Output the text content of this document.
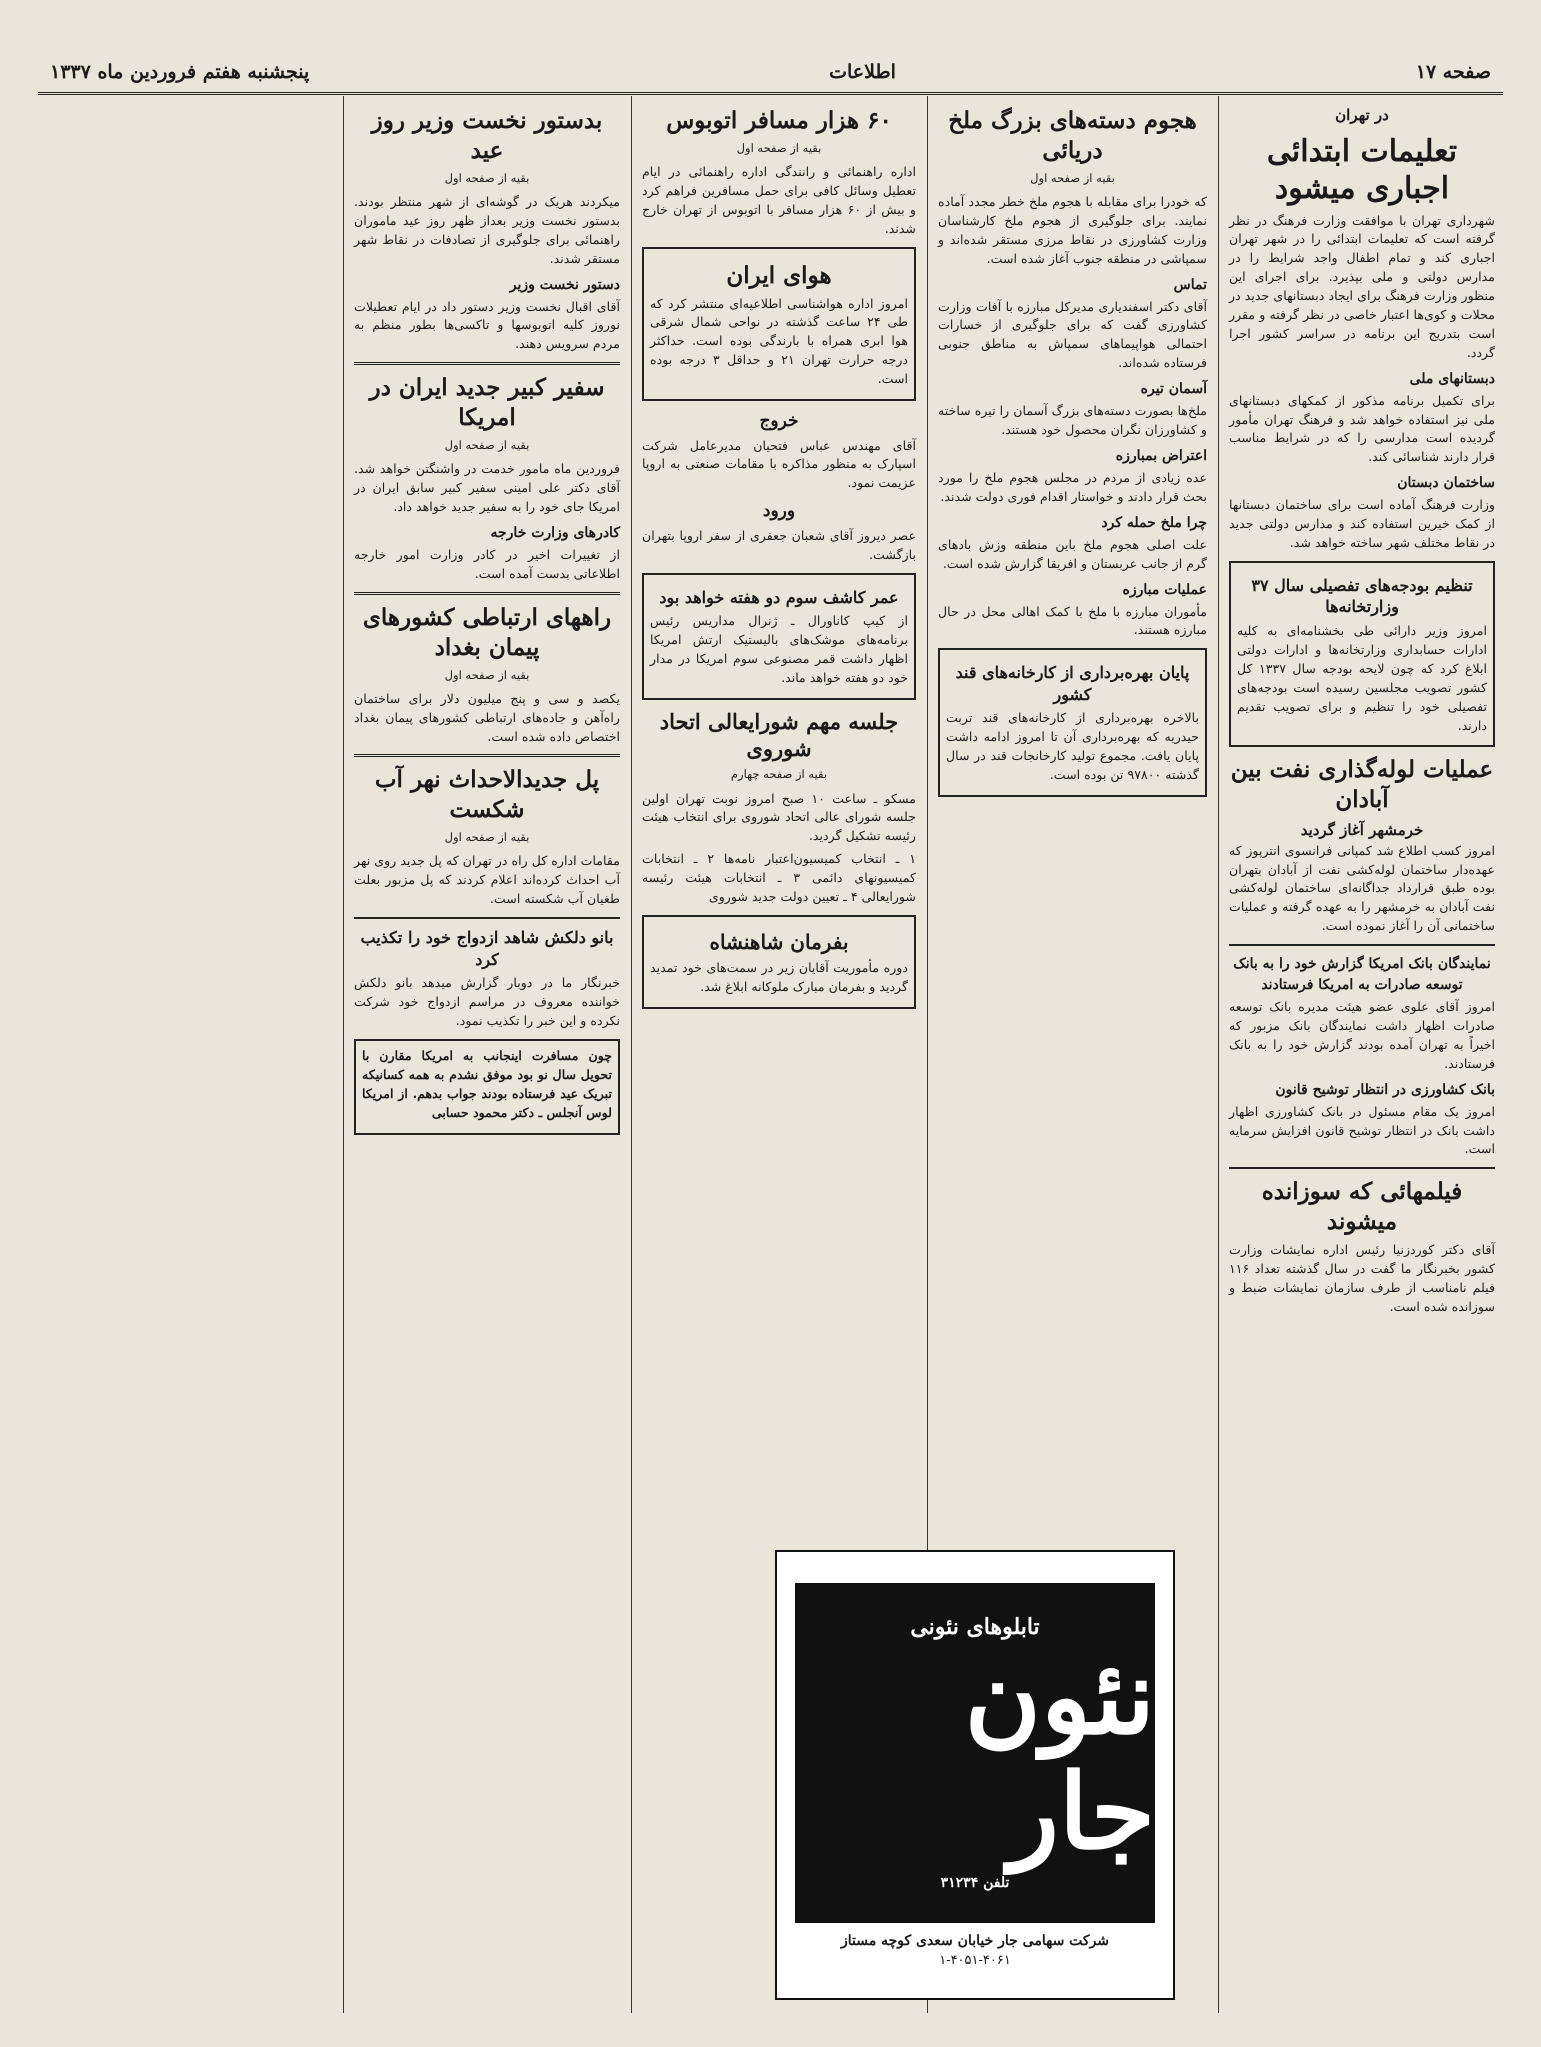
صفحه ۱۷
اطلاعات
پنجشنبه هفتم فروردین ماه ۱۳۳۷
در تهران
تعلیمات ابتدائی اجباری میشود

شهرداری تهران با موافقت وزارت فرهنگ در نظر گرفته است که تعلیمات ابتدائی را در شهر تهران اجباری کند و تمام اطفال واجد شرایط را در مدارس دولتی و ملی بپذیرد. برای اجرای این منظور وزارت فرهنگ برای ایجاد دبستانهای جدید در محلات و کوی‌ها اعتبار خاصی در نظر گرفته و مقرر است بتدریج این برنامه در سراسر کشور اجرا گردد.

دبستانهای ملی

برای تکمیل برنامه مذکور از کمکهای دبستانهای ملی نیز استفاده خواهد شد و فرهنگ تهران مأمور گردیده است مدارسی را که در شرایط مناسب قرار دارند شناسائی کند.

ساختمان دبستان

وزارت فرهنگ آماده است برای ساختمان دبستانها از کمک خیرین استفاده کند و مدارس دولتی جدید در نقاط مختلف شهر ساخته خواهد شد.

تنظیم بودجه‌های تفصیلی سال ۳۷ وزارتخانه‌ها

امروز وزیر دارائی طی بخشنامه‌ای به کلیه ادارات حسابداری وزارتخانه‌ها و ادارات دولتی ابلاغ کرد که چون لایحه بودجه سال ۱۳۳۷ کل کشور تصویب مجلسین رسیده است بودجه‌های تفصیلی خود را تنظیم و برای تصویب تقدیم دارند.

عملیات لوله‌گذاری نفت بین آبادان
خرمشهر آغاز گردید

امروز کسب اطلاع شد کمپانی فرانسوی انترپوز که عهده‌دار ساختمان لوله‌کشی نفت از آبادان بتهران بوده طبق قرارداد جداگانه‌ای ساختمان لوله‌کشی نفت آبادان به خرمشهر را به عهده گرفته و عملیات ساختمانی آن را آغاز نموده است.

نمایندگان بانک امریکا گزارش خود را به بانک توسعه صادرات به امریکا فرستادند

امروز آقای علوی عضو هیئت مدیره بانک توسعه صادرات اظهار داشت نمایندگان بانک مزبور که اخیراً به تهران آمده بودند گزارش خود را به بانک فرستادند.

بانک کشاورزی در انتظار توشیح قانون

امروز یک مقام مسئول در بانک کشاورزی اظهار داشت بانک در انتظار توشیح قانون افزایش سرمایه است.

فیلمهائی که سوزانده میشوند

آقای دکتر کوردزنیا رئیس اداره نمایشات وزارت کشور بخبرنگار ما گفت در سال گذشته تعداد ۱۱۶ فیلم نامناسب از طرف سازمان نمایشات ضبط و سوزانده شده است.

هجوم دسته‌های بزرگ ملخ دریائی
بقیه از صفحه اول

که خودرا برای مقابله با هجوم ملخ خطر مجدد آماده نمایند. برای جلوگیری از هجوم ملخ کارشناسان وزارت کشاورزی در نقاط مرزی مستقر شده‌اند و سمپاشی در منطقه جنوب آغاز شده است.

تماس

آقای دکتر اسفندیاری مدیرکل مبارزه با آفات وزارت کشاورزی گفت که برای جلوگیری از خسارات احتمالی هواپیماهای سمپاش به مناطق جنوبی فرستاده شده‌اند.

آسمان تیره

ملخ‌ها بصورت دسته‌های بزرگ آسمان را تیره ساخته و کشاورزان نگران محصول خود هستند.

اعتراض بمبارزه

عده زیادی از مردم در مجلس هجوم ملخ را مورد بحث قرار دادند و خواستار اقدام فوری دولت شدند.

چرا ملخ حمله کرد

علت اصلی هجوم ملخ باین منطقه وزش بادهای گرم از جانب عربستان و افریقا گزارش شده است.

عملیات مبارزه

مأموران مبارزه با ملخ با کمک اهالی محل در حال مبارزه هستند.

پایان بهره‌برداری از کارخانه‌های قند کشور

بالاخره بهره‌برداری از کارخانه‌های قند تربت حیدریه که بهره‌برداری آن تا امروز ادامه داشت پایان یافت. مجموع تولید کارخانجات قند در سال گذشته ۹۷۸۰۰ تن بوده است.

۶۰ هزار مسافر اتوبوس
بقیه از صفحه اول

اداره راهنمائی و رانندگی اداره راهنمائی در ایام تعطیل وسائل کافی برای حمل مسافرین فراهم کرد و بیش از ۶۰ هزار مسافر با اتوبوس از تهران خارج شدند.

هوای ایران

امروز اداره هواشناسی اطلاعیه‌ای منتشر کرد که طی ۲۴ ساعت گذشته در نواحی شمال شرقی هوا ابری همراه با بارندگی بوده است. حداکثر درجه حرارت تهران ۲۱ و حداقل ۳ درجه بوده است.

خروج

آقای مهندس عباس فتحیان مدیرعامل شرکت اسپارک به منظور مذاکره با مقامات صنعتی به اروپا عزیمت نمود.

ورود

عصر دیروز آقای شعبان جعفری از سفر اروپا بتهران بازگشت.

عمر کاشف سوم دو هفته خواهد بود

از کیپ کاناورال ـ ژنرال مداریس رئیس برنامه‌های موشک‌های بالیستیک ارتش امریکا اظهار داشت قمر مصنوعی سوم امریکا در مدار خود دو هفته خواهد ماند.

جلسه مهم شورایعالی اتحاد شوروی
بقیه از صفحه چهارم

مسکو ـ ساعت ۱۰ صبح امروز نوبت تهران اولین جلسه شورای عالی اتحاد شوروی برای انتخاب هیئت رئیسه تشکیل گردید.

۱ ـ انتخاب کمیسیون‌اعتبار نامه‌ها ۲ ـ انتخابات کمیسیونهای دائمی ۳ ـ انتخابات هیئت رئیسه شورایعالی ۴ ـ تعیین دولت جدید شوروی

بفرمان شاهنشاه

دوره مأموریت آقایان زیر در سمت‌های خود تمدید گردید و بفرمان مبارک ملوکانه ابلاغ شد.

بدستور نخست وزیر روز عید
بقیه از صفحه اول

میکردند هریک در گوشه‌ای از شهر منتظر بودند. بدستور نخست وزیر بعداز ظهر روز عید ماموران راهنمائی برای جلوگیری از تصادفات در نقاط شهر مستقر شدند.

دستور نخست وزیر

آقای اقبال نخست وزیر دستور داد در ایام تعطیلات نوروز کلیه اتوبوسها و تاکسی‌ها بطور منظم به مردم سرویس دهند.

سفیر کبیر جدید ایران در امریکا
بقیه از صفحه اول

فروردین ماه مامور خدمت در واشنگتن خواهد شد. آقای دکتر علی امینی سفیر کبیر سابق ایران در امریکا جای خود را به سفیر جدید خواهد داد.

کادر‌های وزارت خارجه

از تغییرات اخیر در کادر وزارت امور خارجه اطلاعاتی بدست آمده است.

راههای ارتباطی کشورهای پیمان بغداد
بقیه از صفحه اول

یکصد و سی و پنج میلیون دلار برای ساختمان راه‌آهن و جاده‌های ارتباطی کشورهای پیمان بغداد اختصاص داده شده است.

پل جدیدالاحداث نهر آب شکست
بقیه از صفحه اول

مقامات اداره کل راه در تهران که پل جدید روی نهر آب احداث کرده‌اند اعلام کردند که پل مزبور بعلت طغیان آب شکسته است.

بانو دلکش شاهد ازدواج خود را تکذیب کرد

خبرنگار ما در دوبار گزارش میدهد بانو دلکش خواننده معروف در مراسم ازدواج خود شرکت نکرده و این خبر را تکذیب نمود.

چون مسافرت اینجانب به امریکا مقارن با تحویل سال نو بود موفق نشدم به همه کسانیکه تبریک عید فرستاده بودند جواب بدهم. از امریکا لوس آنجلس ـ دکتر محمود حسابی

تابلوهای نئونی
نئون جار
تلفن ۳۱۲۳۴
شرکت سهامی جار خیابان سعدی کوچه مستاز
۱-۴۰۵۱-۴۰۶۱
